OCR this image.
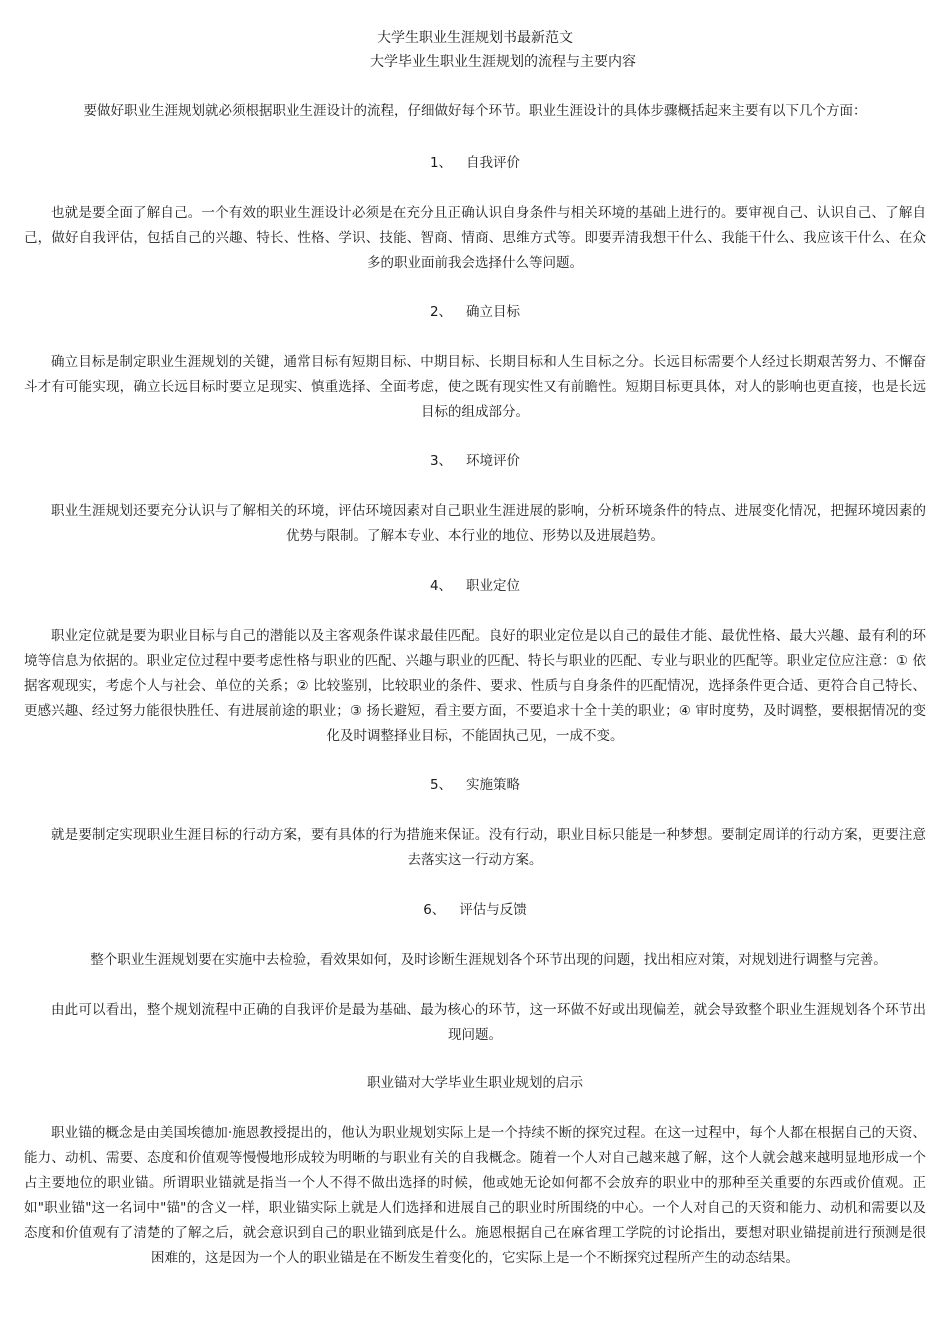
大学生职业生涯规划书最新范文
大学毕业生职业生涯规划的流程与主要内容

要做好职业生涯规划就必须根据职业生涯设计的流程，仔细做好每个环节。职业生涯设计的具体步骤概括起来主要有以下几个方面：

1、 自我评价

也就是要全面了解自己。一个有效的职业生涯设计必须是在充分且正确认识自身条件与相关环境的基础上进行的。要审视自己、认识自己、了解自己，做好自我评估，包括自己的兴趣、特长、性格、学识、技能、智商、情商、思维方式等。即要弄清我想干什么、我能干什么、我应该干什么、在众多的职业面前我会选择什么等问题。

2、 确立目标

确立目标是制定职业生涯规划的关键，通常目标有短期目标、中期目标、长期目标和人生目标之分。长远目标需要个人经过长期艰苦努力、不懈奋斗才有可能实现，确立长远目标时要立足现实、慎重选择、全面考虑，使之既有现实性又有前瞻性。短期目标更具体，对人的影响也更直接，也是长远目标的组成部分。

3、 环境评价

职业生涯规划还要充分认识与了解相关的环境，评估环境因素对自己职业生涯进展的影响，分析环境条件的特点、进展变化情况，把握环境因素的优势与限制。了解本专业、本行业的地位、形势以及进展趋势。

4、 职业定位

职业定位就是要为职业目标与自己的潜能以及主客观条件谋求最佳匹配。良好的职业定位是以自己的最佳才能、最优性格、最大兴趣、最有利的环境等信息为依据的。职业定位过程中要考虑性格与职业的匹配、兴趣与职业的匹配、特长与职业的匹配、专业与职业的匹配等。职业定位应注意：① 依据客观现实，考虑个人与社会、单位的关系；② 比较鉴别，比较职业的条件、要求、性质与自身条件的匹配情况，选择条件更合适、更符合自己特长、更感兴趣、经过努力能很快胜任、有进展前途的职业；③ 扬长避短，看主要方面，不要追求十全十美的职业；④ 审时度势，及时调整，要根据情况的变化及时调整择业目标，不能固执己见，一成不变。

5、 实施策略

就是要制定实现职业生涯目标的行动方案，要有具体的行为措施来保证。没有行动，职业目标只能是一种梦想。要制定周详的行动方案，更要注意去落实这一行动方案。

6、 评估与反馈

整个职业生涯规划要在实施中去检验，看效果如何，及时诊断生涯规划各个环节出现的问题，找出相应对策，对规划进行调整与完善。

由此可以看出，整个规划流程中正确的自我评价是最为基础、最为核心的环节，这一环做不好或出现偏差，就会导致整个职业生涯规划各个环节出现问题。

职业锚对大学毕业生职业规划的启示

职业锚的概念是由美国埃德加·施恩教授提出的，他认为职业规划实际上是一个持续不断的探究过程。在这一过程中，每个人都在根据自己的天资、能力、动机、需要、态度和价值观等慢慢地形成较为明晰的与职业有关的自我概念。随着一个人对自己越来越了解，这个人就会越来越明显地形成一个占主要地位的职业锚。所谓职业锚就是指当一个人不得不做出选择的时候，他或她无论如何都不会放弃的职业中的那种至关重要的东西或价值观。正如"职业锚"这一名词中"锚"的含义一样，职业锚实际上就是人们选择和进展自己的职业时所围绕的中心。一个人对自己的天资和能力、动机和需要以及态度和价值观有了清楚的了解之后，就会意识到自己的职业锚到底是什么。施恩根据自己在麻省理工学院的讨论指出，要想对职业锚提前进行预测是很困难的，这是因为一个人的职业锚是在不断发生着变化的，它实际上是一个不断探究过程所产生的动态结果。
